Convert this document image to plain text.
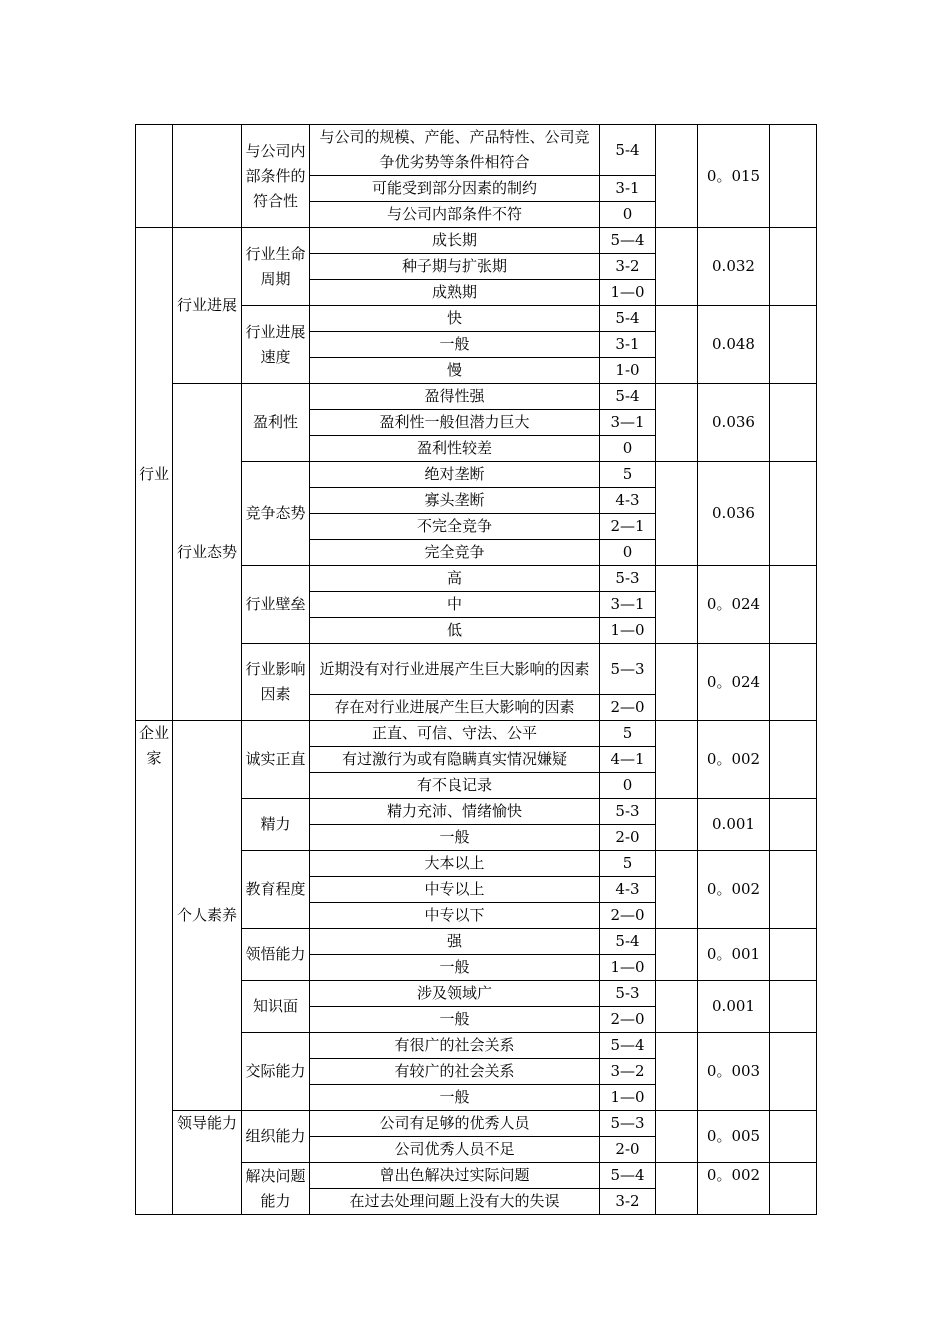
		与公司内部条件的符合性	与公司的规模、产能、产品特性、公司竞争优劣势等条件相符合	5-4		0。015	

			可能受到部分因素的制约	3-1			
			与公司内部条件不符	0			
行业	行业进展	行业生命周期	成长期	5—4		0.032	
			种子期与扩张期	3-2			
			成熟期	1—0			
		行业进展速度	快	5-4		0.048	
			一般	3-1			
			慢	1-0			
	行业态势	盈利性	盈得性强	5-4		0.036	
			盈利性一般但潜力巨大	3—1			
			盈利性较差	0			
		竞争态势	绝对垄断	5		0.036	
			寡头垄断	4-3			
			不完全竞争	2—1			
			完全竞争	0			
		行业壁垒	高	5-3		0。024	
			中	3—1			
			低	1—0			
		行业影响因素	近期没有对行业进展产生巨大影响的因素	5—3		0。024	

			存在对行业进展产生巨大影响的因素	2—0			
企业家	个人素养	诚实正直	正直、可信、守法、公平	5		0。002	
			有过激行为或有隐瞒真实情况嫌疑	4—1			
			有不良记录	0			
		精力	精力充沛、情绪愉快	5-3		0.001	
			一般	2-0			
		教育程度	大本以上	5		0。002	
			中专以上	4-3			
			中专以下	2—0			
		领悟能力	强	5-4		0。001	
			一般	1—0			
		知识面	涉及领域广	5-3		0.001	
			一般	2—0			
		交际能力	有很广的社会关系	5—4		0。003	
			有较广的社会关系	3—2			
			一般	1—0			
	领导能力	组织能力	公司有足够的优秀人员	5—3		0。005	
			公司优秀人员不足	2-0			
		解决问题能力	曾出色解决过实际问题	5—4		0。002	
			在过去处理问题上没有大的失误	3-2			
